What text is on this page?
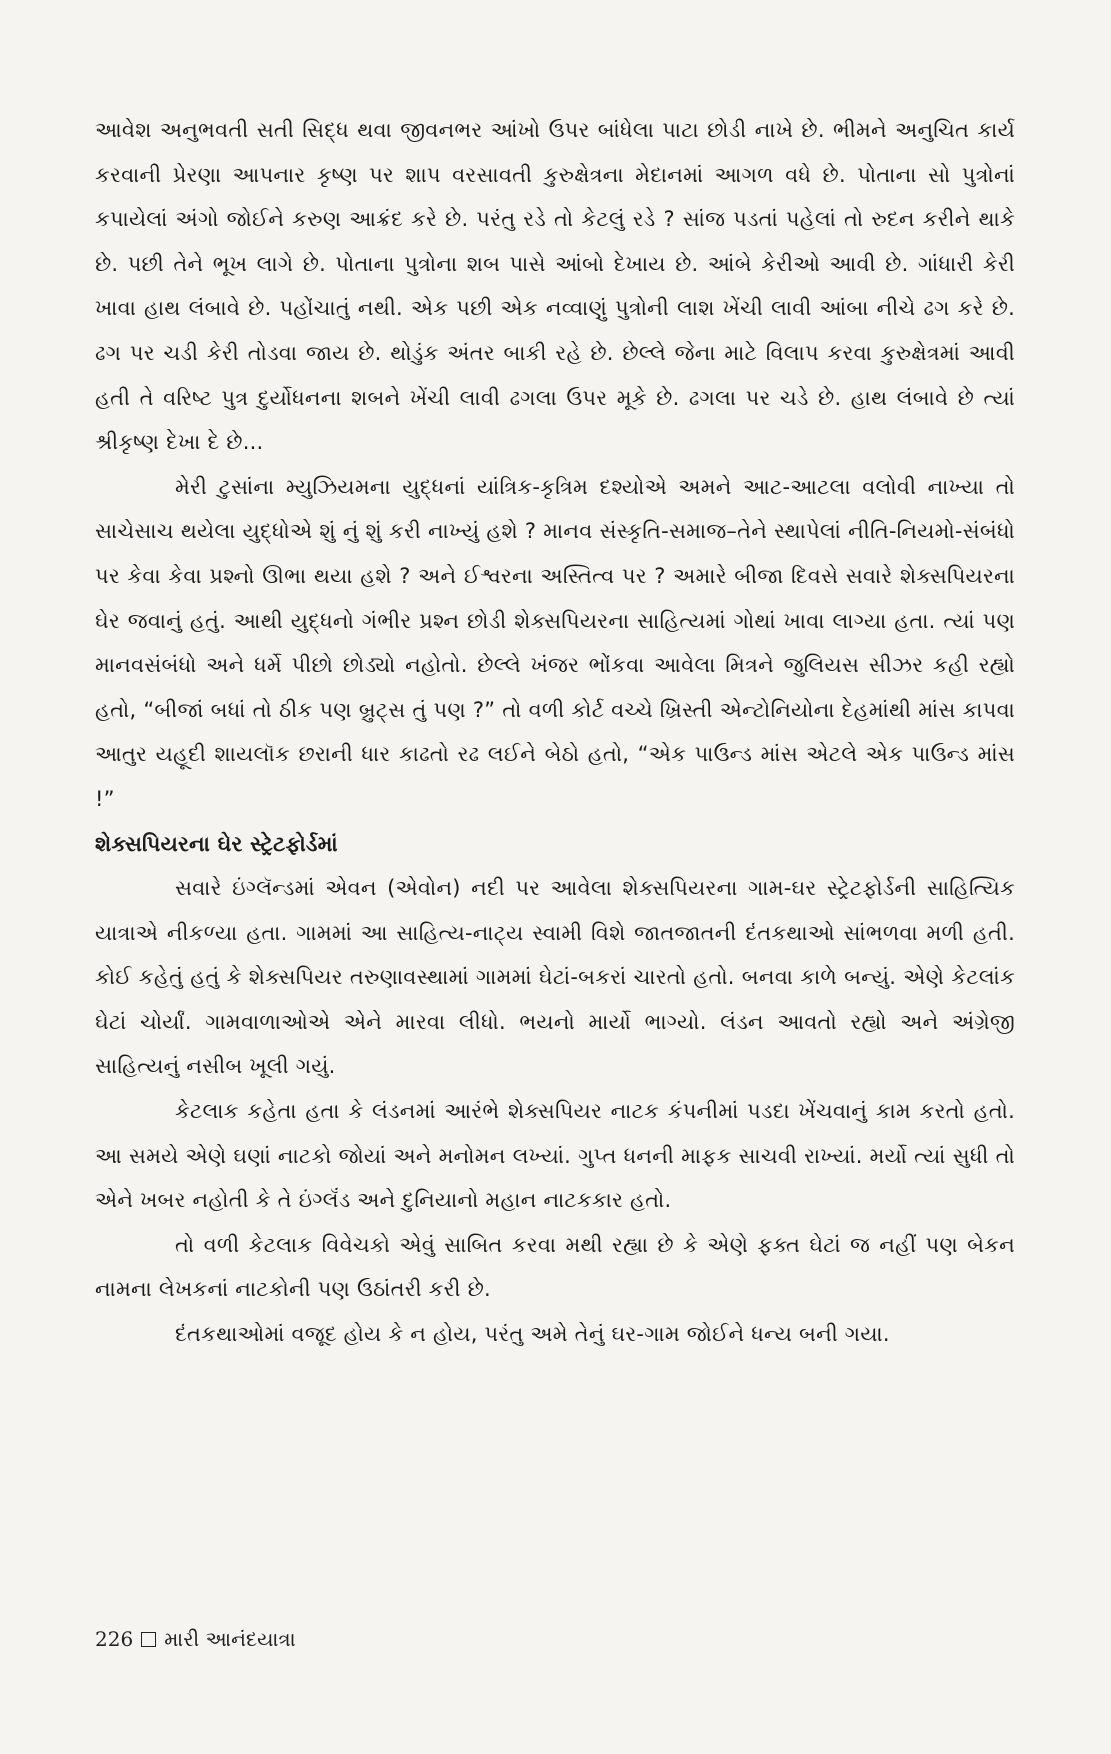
આવેશ અનુભવતી સતી સિદ્ધ થવા જીવનભર આંખો ઉપર બાંધેલા પાટા છોડી નાખે છે. ભીમને અનુચિત કાર્ય કરવાની પ્રેરણા આપનાર કૃષ્ણ પર શાપ વરસાવતી કુરુક્ષેત્રના મેદાનમાં આગળ વધે છે. પોતાના સો પુત્રોનાં કપાયેલાં અંગો જોઈને કરુણ આક્રંદ કરે છે. પરંતુ રડે તો કેટલું રડે ? સાંજ પડતાં પહેલાં તો રુદન કરીને થાકે છે. પછી તેને ભૂખ લાગે છે. પોતાના પુત્રોના શબ પાસે આંબો દેખાય છે. આંબે કેરીઓ આવી છે. ગાંધારી કેરી ખાવા હાથ લંબાવે છે. પહોંચાતું નથી. એક પછી એક નવ્વાણું પુત્રોની લાશ ખેંચી લાવી આંબા નીચે ઢગ કરે છે. ઢગ પર ચડી કેરી તોડવા જાય છે. થોડુંક અંતર બાકી રહે છે. છેલ્લે જેના માટે વિલાપ કરવા કુરુક્ષેત્રમાં આવી હતી તે વરિષ્ટ પુત્ર દુર્યોધનના શબને ખેંચી લાવી ઢગલા ઉપર મૂકે છે. ઢગલા પર ચડે છે. હાથ લંબાવે છે ત્યાં શ્રીકૃષ્ણ દેખા દે છે...

મેરી ટુસાંના મ્યુઝિયમના યુદ્ધનાં યાંત્રિક-કૃત્રિમ દશ્યોએ અમને આટ-આટલા વલોવી નાખ્યા તો સાચેસાચ થયેલા યુદ્ધોએ શું નું શું કરી નાખ્યું હશે ? માનવ સંસ્કૃતિ-સમાજ–તેને સ્થાપેલાં નીતિ-નિયમો-સંબંધો પર કેવા કેવા પ્રશ્નો ઊભા થયા હશે ? અને ઈશ્વરના અસ્તિત્વ પર ? અમારે બીજા દિવસે સવારે શેક્સપિયરના ઘેર જવાનું હતું. આથી યુદ્ધનો ગંભીર પ્રશ્ન છોડી શેક્સપિયરના સાહિત્યમાં ગોથાં ખાવા લાગ્યા હતા. ત્યાં પણ માનવસંબંધો અને ધર્મે પીછો છોડ્યો નહોતો. છેલ્લે ખંજર ભોંકવા આવેલા મિત્રને જુલિયસ સીઝર કહી રહ્યો હતો, “બીજાં બધાં તો ઠીક પણ બ્રુટ્સ તું પણ ?” તો વળી કોર્ટ વચ્ચે ખ્રિસ્તી એન્ટોનિયોના દેહમાંથી માંસ કાપવા આતુર યહૂદી શાયલૉક છરાની ધાર કાઢતો રઢ લઈને બેઠો હતો, “એક પાઉન્ડ માંસ એટલે એક પાઉન્ડ માંસ !”

શેક્સપિયરના ઘેર સ્ટ્રેટફોર્ડમાં

સવારે ઇંગ્લૅન્ડમાં એવન (એવોન) નદી પર આવેલા શેક્સપિયરના ગામ-ઘર સ્ટ્રેટફોર્ડની સાહિત્યિક યાત્રાએ નીકળ્યા હતા. ગામમાં આ સાહિત્ય-નાટ્ય સ્વામી વિશે જાતજાતની દંતકથાઓ સાંભળવા મળી હતી. કોઈ કહેતું હતું કે શેક્સપિયર તરુણાવસ્થામાં ગામમાં ઘેટાં-બકરાં ચારતો હતો. બનવા કાળે બન્યું. એણે કેટલાંક ઘેટાં ચોર્યાં. ગામવાળાઓએ એને મારવા લીધો. ભયનો માર્યો ભાગ્યો. લંડન આવતો રહ્યો અને અંગ્રેજી સાહિત્યનું નસીબ ખૂલી ગયું.

કેટલાક કહેતા હતા કે લંડનમાં આરંભે શેક્સપિયર નાટક કંપનીમાં પડદા ખેંચવાનું કામ કરતો હતો. આ સમયે એણે ઘણાં નાટકો જોયાં અને મનોમન લખ્યાં. ગુપ્ત ધનની માફક સાચવી રાખ્યાં. મર્યો ત્યાં સુધી તો એને ખબર નહોતી કે તે ઇંગ્લૅંડ અને દુનિયાનો મહાન નાટકકાર હતો.

તો વળી કેટલાક વિવેચકો એવું સાબિત કરવા મથી રહ્યા છે કે એણે ફક્ત ઘેટાં જ નહીં પણ બેકન નામના લેખકનાં નાટકોની પણ ઉઠાંતરી કરી છે.

દંતકથાઓમાં વજૂદ હોય કે ન હોય, પરંતુ અમે તેનું ઘર-ગામ જોઈને ધન્ય બની ગયા.

226 મારી આનંદયાત્રા
